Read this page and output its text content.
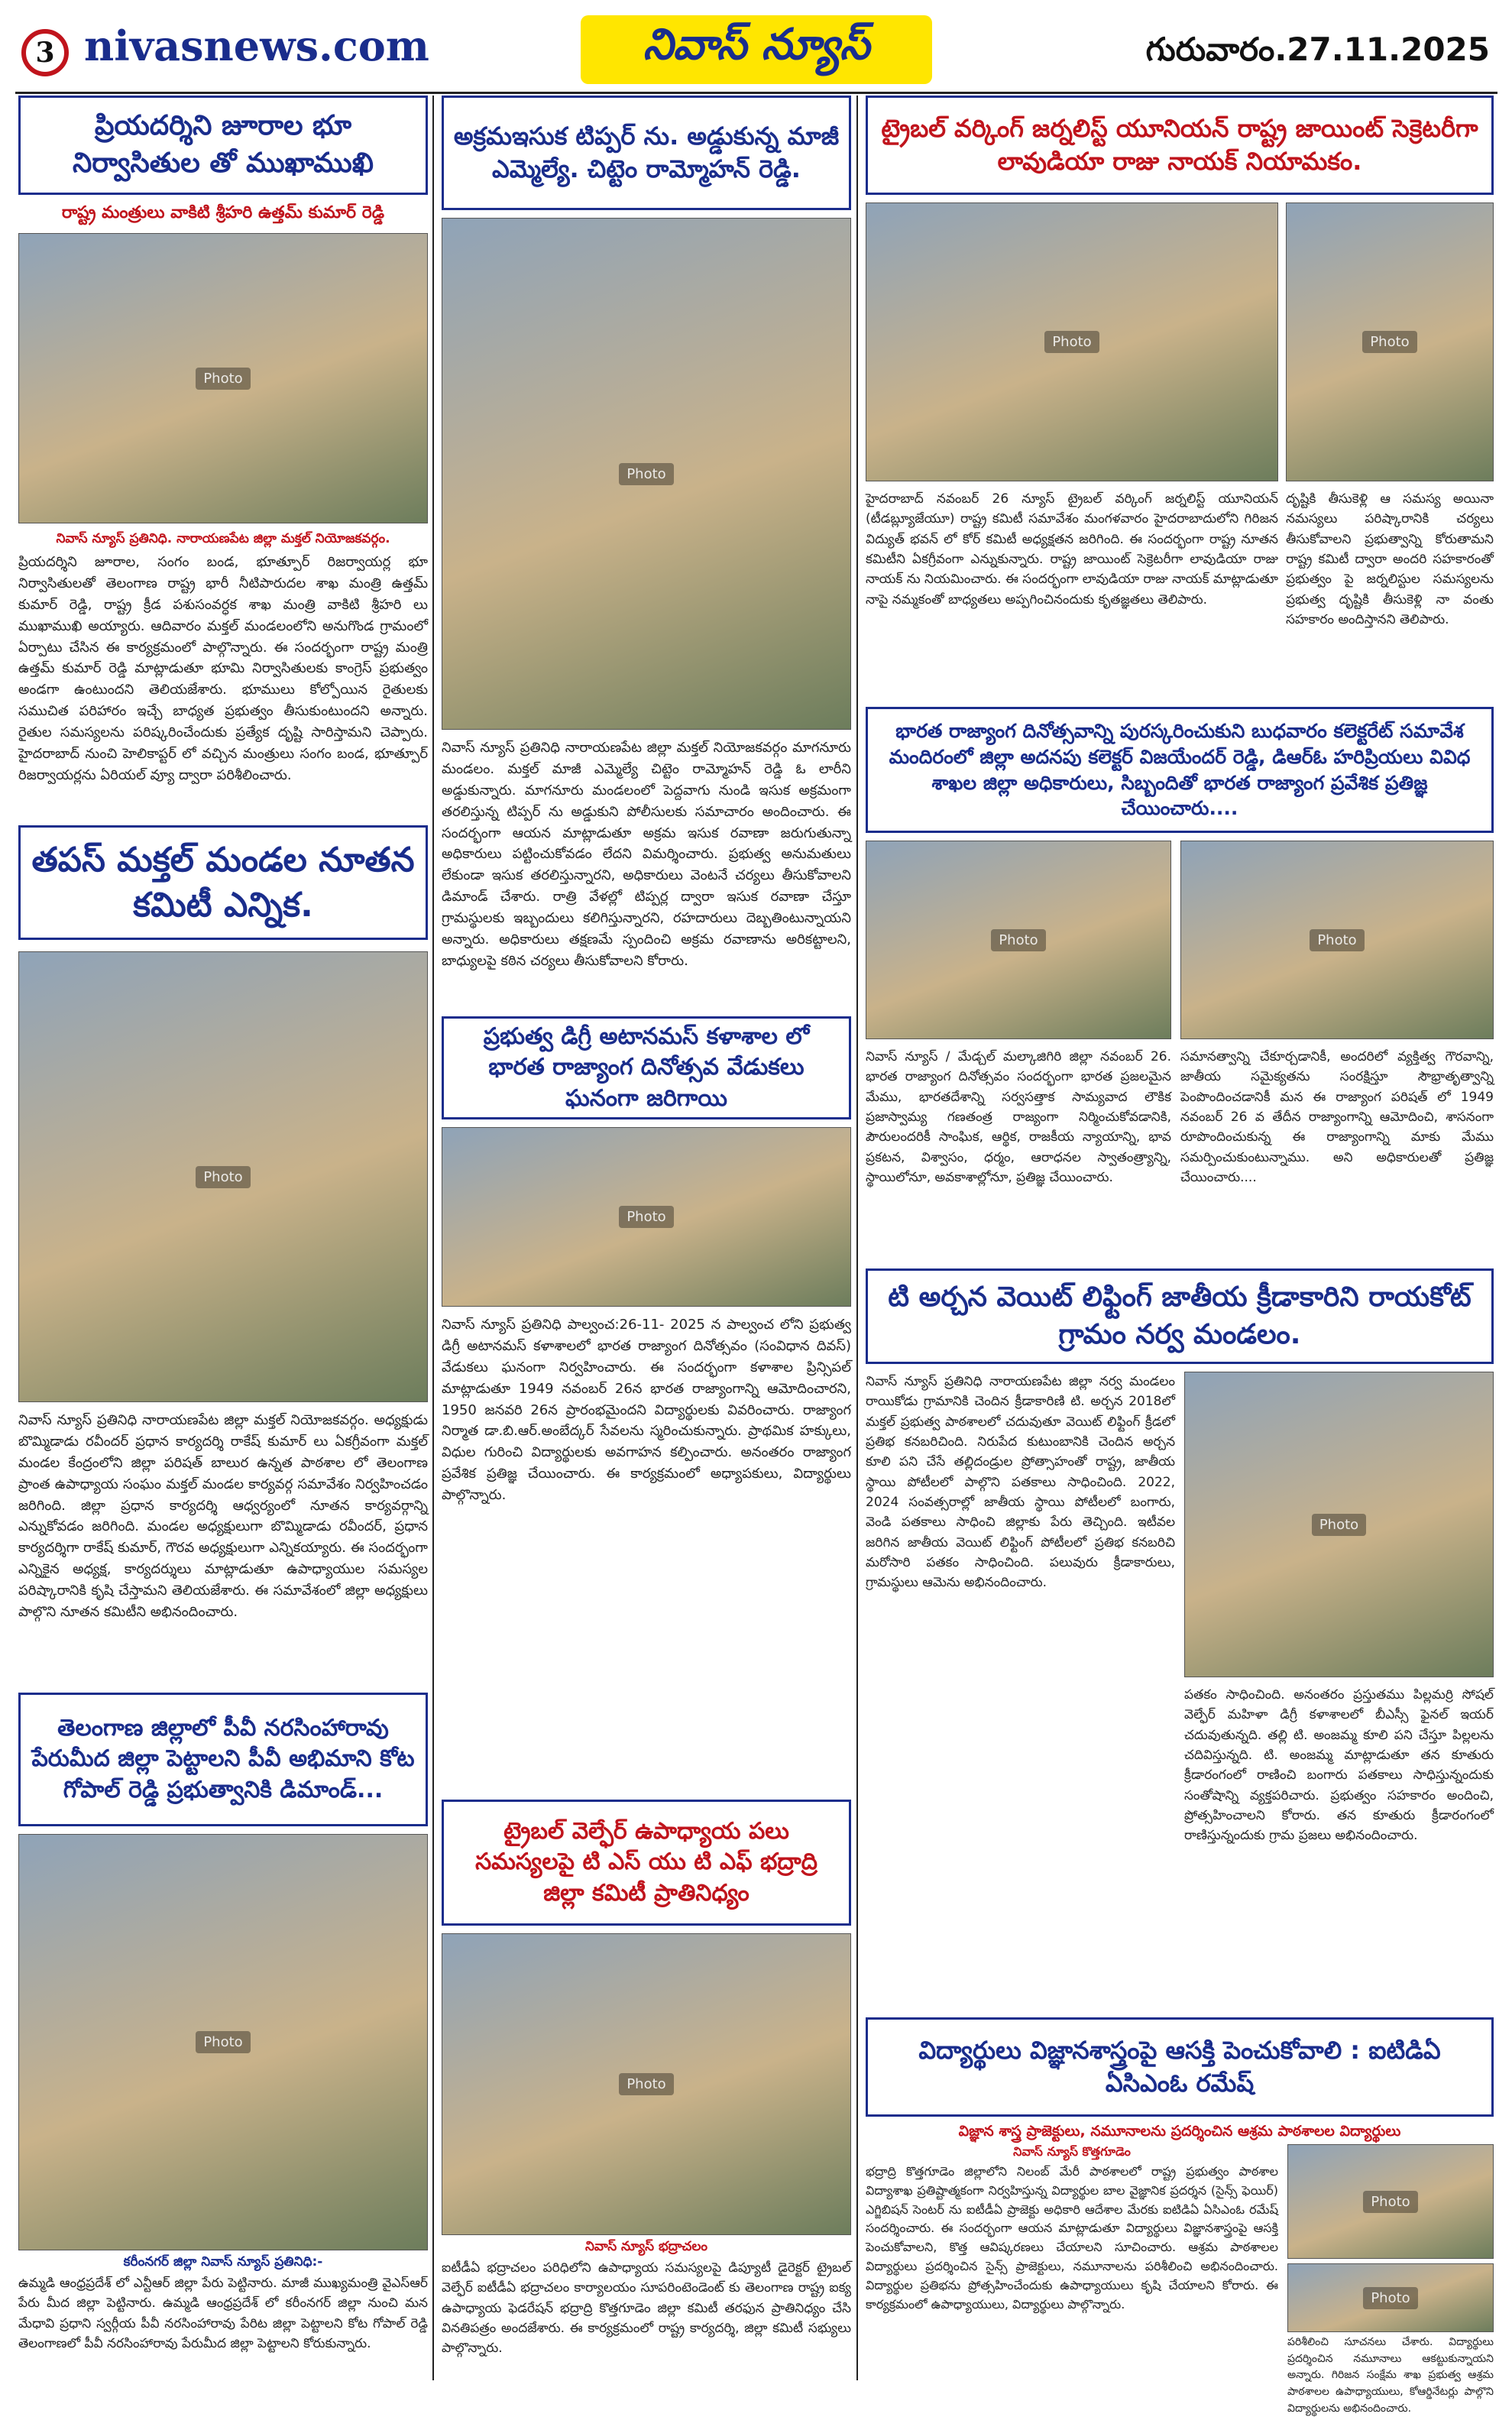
3 nivasnews.com	నివాస్ న్యూస్	గురువారం.27.11.2025
ప్రియదర్శిని జూరాల భూ నిర్వాసితుల తో ముఖాముఖి
రాష్ట్ర మంత్రులు వాకిటి శ్రీహరి ఉత్తమ్ కుమార్ రెడ్డి
Photo
నివాస్ న్యూస్ ప్రతినిధి. నారాయణపేట జిల్లా మక్తల్ నియోజకవర్గం.
ప్రియదర్శిని జూరాల, సంగం బండ, భూత్పూర్ రిజర్వాయర్ల భూ నిర్వాసితులతో తెలంగాణ రాష్ట్ర భారీ నీటిపారుదల శాఖ మంత్రి ఉత్తమ్ కుమార్ రెడ్డి, రాష్ట్ర క్రీడ పశుసంవర్ధక శాఖ మంత్రి వాకిటి శ్రీహరి లు ముఖాముఖి అయ్యారు. ఆదివారం మక్తల్ మండలంలోని అనుగొండ గ్రామంలో ఏర్పాటు చేసిన ఈ కార్యక్రమంలో పాల్గొన్నారు. ఈ సందర్భంగా రాష్ట్ర మంత్రి ఉత్తమ్ కుమార్ రెడ్డి మాట్లాడుతూ భూమి నిర్వాసితులకు కాంగ్రెస్ ప్రభుత్వం అండగా ఉంటుందని తెలియజేశారు. భూములు కోల్పోయిన రైతులకు సముచిత పరిహారం ఇచ్చే బాధ్యత ప్రభుత్వం తీసుకుంటుందని అన్నారు. రైతుల సమస్యలను పరిష్కరించేందుకు ప్రత్యేక దృష్టి సారిస్తామని చెప్పారు. హైదరాబాద్ నుంచి హెలికాప్టర్ లో వచ్చిన మంత్రులు సంగం బండ, భూత్పూర్ రిజర్వాయర్లను ఏరియల్ వ్యూ ద్వారా పరిశీలించారు.
తపస్ మక్తల్ మండల నూతన కమిటీ ఎన్నిక.
Photo
నివాస్ న్యూస్ ప్రతినిధి నారాయణపేట జిల్లా మక్తల్ నియోజకవర్గం. అధ్యక్షుడు బొమ్మిడాడు రవీందర్ ప్రధాన కార్యదర్శి రాకేష్ కుమార్ లు ఏకగ్రీవంగా మక్తల్ మండల కేంద్రంలోని జిల్లా పరిషత్ బాలుర ఉన్నత పాఠశాల లో తెలంగాణ ప్రాంత ఉపాధ్యాయ సంఘం మక్తల్ మండల కార్యవర్గ సమావేశం నిర్వహించడం జరిగింది. జిల్లా ప్రధాన కార్యదర్శి ఆధ్వర్యంలో నూతన కార్యవర్గాన్ని ఎన్నుకోవడం జరిగింది. మండల అధ్యక్షులుగా బొమ్మిడాడు రవీందర్, ప్రధాన కార్యదర్శిగా రాకేష్ కుమార్, గౌరవ అధ్యక్షులుగా ఎన్నికయ్యారు. ఈ సందర్భంగా ఎన్నికైన అధ్యక్ష, కార్యదర్శులు మాట్లాడుతూ ఉపాధ్యాయుల సమస్యల పరిష్కారానికి కృషి చేస్తామని తెలియజేశారు. ఈ సమావేశంలో జిల్లా అధ్యక్షులు పాల్గొని నూతన కమిటీని అభినందించారు.
తెలంగాణ జిల్లాలో పీవీ నరసింహారావు పేరుమీద జిల్లా పెట్టాలని పీవీ అభిమాని కోట గోపాల్ రెడ్డి ప్రభుత్వానికి డిమాండ్...
Photo
కరీంనగర్ జిల్లా నివాస్ న్యూస్ ప్రతినిధి:-
ఉమ్మడి ఆంధ్రప్రదేశ్ లో ఎన్టీఆర్ జిల్లా పేరు పెట్టినారు. మాజీ ముఖ్యమంత్రి వైఎస్ఆర్ పేరు మీద జిల్లా పెట్టినారు. ఉమ్మడి ఆంధ్రప్రదేశ్ లో కరీంనగర్ జిల్లా నుంచి మన మేధావి ప్రధాని స్వర్గీయ పీవీ నరసింహారావు పేరిట జిల్లా పెట్టాలని కోట గోపాల్ రెడ్డి తెలంగాణలో పీవీ నరసింహారావు పేరుమీద జిల్లా పెట్టాలని కోరుకున్నారు.
అక్రమఇసుక టిప్పర్ ను. అడ్డుకున్న మాజీ ఎమ్మెల్యే. చిట్టెం రామ్మోహన్ రెడ్డి.
Photo
నివాస్ న్యూస్ ప్రతినిధి నారాయణపేట జిల్లా మక్తల్ నియోజకవర్గం మాగనూరు మండలం. మక్తల్ మాజీ ఎమ్మెల్యే చిట్టెం రామ్మోహన్ రెడ్డి ఓ లారీని అడ్డుకున్నారు. మాగనూరు మండలంలో పెద్దవాగు నుండి ఇసుక అక్రమంగా తరలిస్తున్న టిప్పర్ ను అడ్డుకుని పోలీసులకు సమాచారం అందించారు. ఈ సందర్భంగా ఆయన మాట్లాడుతూ అక్రమ ఇసుక రవాణా జరుగుతున్నా అధికారులు పట్టించుకోవడం లేదని విమర్శించారు. ప్రభుత్వ అనుమతులు లేకుండా ఇసుక తరలిస్తున్నారని, అధికారులు వెంటనే చర్యలు తీసుకోవాలని డిమాండ్ చేశారు. రాత్రి వేళల్లో టిప్పర్ల ద్వారా ఇసుక రవాణా చేస్తూ గ్రామస్థులకు ఇబ్బందులు కలిగిస్తున్నారని, రహదారులు దెబ్బతింటున్నాయని అన్నారు. అధికారులు తక్షణమే స్పందించి అక్రమ రవాణాను అరికట్టాలని, బాధ్యులపై కఠిన చర్యలు తీసుకోవాలని కోరారు.
ప్రభుత్వ డిగ్రీ అటానమస్ కళాశాల లో భారత రాజ్యాంగ దినోత్సవ వేడుకలు ఘనంగా జరిగాయి
Photo
నివాస్ న్యూస్ ప్రతినిధి పాల్వంచ:26-11- 2025 న పాల్వంచ లోని ప్రభుత్వ డిగ్రీ అటానమస్ కళాశాలలో భారత రాజ్యాంగ దినోత్సవం (సంవిధాన దివస్) వేడుకలు ఘనంగా నిర్వహించారు. ఈ సందర్భంగా కళాశాల ప్రిన్సిపల్ మాట్లాడుతూ 1949 నవంబర్ 26న భారత రాజ్యాంగాన్ని ఆమోదించారని, 1950 జనవరి 26న ప్రారంభమైందని విద్యార్థులకు వివరించారు. రాజ్యాంగ నిర్మాత డా.బి.ఆర్.అంబేద్కర్ సేవలను స్మరించుకున్నారు. ప్రాథమిక హక్కులు, విధుల గురించి విద్యార్థులకు అవగాహన కల్పించారు. అనంతరం రాజ్యాంగ ప్రవేశిక ప్రతిజ్ఞ చేయించారు. ఈ కార్యక్రమంలో అధ్యాపకులు, విద్యార్థులు పాల్గొన్నారు.
ట్రైబల్ వెల్ఫేర్ ఉపాధ్యాయ పలు సమస్యలపై టి ఎస్ యు టి ఎఫ్ భద్రాద్రి జిల్లా కమిటీ ప్రాతినిధ్యం
Photo
నివాస్ న్యూస్ భద్రాచలం
ఐటీడీఏ భద్రాచలం పరిధిలోని ఉపాధ్యాయ సమస్యలపై డిప్యూటీ డైరెక్టర్ ట్రైబల్ వెల్ఫేర్ ఐటీడీఏ భద్రాచలం కార్యాలయం సూపరింటెండెంట్ కు తెలంగాణ రాష్ట్ర ఐక్య ఉపాధ్యాయ ఫెడరేషన్ భద్రాద్రి కొత్తగూడెం జిల్లా కమిటీ తరఫున ప్రాతినిధ్యం చేసి వినతిపత్రం అందజేశారు. ఈ కార్యక్రమంలో రాష్ట్ర కార్యదర్శి, జిల్లా కమిటీ సభ్యులు పాల్గొన్నారు.
ట్రైబల్ వర్కింగ్ జర్నలిస్ట్ యూనియన్ రాష్ట్ర జాయింట్ సెక్రెటరీగా లావుడియా రాజు నాయక్ నియామకం.
Photo	Photo
హైదరాబాద్ నవంబర్ 26 న్యూస్ ట్రైబల్ వర్కింగ్ జర్నలిస్ట్ యూనియన్ (టీడబ్ల్యూజేయూ) రాష్ట్ర కమిటీ సమావేశం మంగళవారం హైదరాబాదులోని గిరిజన విద్యుత్ భవన్ లో కోర్ కమిటీ అధ్యక్షతన జరిగింది. ఈ సందర్భంగా రాష్ట్ర నూతన కమిటీని ఏకగ్రీవంగా ఎన్నుకున్నారు. రాష్ట్ర జాయింట్ సెక్రెటరీగా లావుడియా రాజు నాయక్ ను నియమించారు. ఈ సందర్భంగా లావుడియా రాజు నాయక్ మాట్లాడుతూ నాపై నమ్మకంతో బాధ్యతలు అప్పగించినందుకు కృతజ్ఞతలు తెలిపారు.
దృష్టికి తీసుకెళ్లి ఆ సమస్య అయినా నమస్యలు పరిష్కారానికి చర్యలు తీసుకోవాలని ప్రభుత్వాన్ని కోరుతామని రాష్ట్ర కమిటీ ద్వారా అందరి సహకారంతో ప్రభుత్వం పై జర్నలిస్టుల సమస్యలను ప్రభుత్వ దృష్టికి తీసుకెళ్లి నా వంతు సహకారం అందిస్తానని తెలిపారు.
భారత రాజ్యాంగ దినోత్సవాన్ని పురస్కరించుకుని బుధవారం కలెక్టరేట్ సమావేశ మందిరంలో జిల్లా అదనపు కలెక్టర్ విజయేందర్ రెడ్డి, డిఆర్ఓ హరిప్రియలు వివిధ శాఖల జిల్లా అధికారులు, సిబ్బందితో భారత రాజ్యాంగ ప్రవేశిక ప్రతిజ్ఞ చేయించారు....
Photo	Photo
నివాస్ న్యూస్ / మేడ్చల్ మల్కాజిగిరి జిల్లా నవంబర్ 26. భారత రాజ్యాంగ దినోత్సవం సందర్భంగా భారత ప్రజలమైన మేము, భారతదేశాన్ని సర్వసత్తాక సామ్యవాద లౌకిక ప్రజాస్వామ్య గణతంత్ర రాజ్యంగా నిర్మించుకోవడానికి, పౌరులందరికీ సాంఘిక, ఆర్థిక, రాజకీయ న్యాయాన్ని, భావ ప్రకటన, విశ్వాసం, ధర్మం, ఆరాధనల స్వాతంత్ర్యాన్ని, స్థాయిలోనూ, అవకాశాల్లోనూ, ప్రతిజ్ఞ చేయించారు.
సమానత్వాన్ని చేకూర్చడానికీ, అందరిలో వ్యక్తిత్వ గౌరవాన్ని, జాతీయ సమైక్యతను సంరక్షిస్తూ సౌభ్రాతృత్వాన్ని పెంపొందించడానికీ మన ఈ రాజ్యాంగ పరిషత్ లో 1949 నవంబర్ 26 వ తేదీన రాజ్యాంగాన్ని ఆమోదించి, శాసనంగా రూపొందించుకున్న ఈ రాజ్యాంగాన్ని మాకు మేము సమర్పించుకుంటున్నాము. అని అధికారులతో ప్రతిజ్ఞ చేయించారు....
టి అర్చన వెయిట్ లిఫ్టింగ్ జాతీయ క్రీడాకారిని రాయకోట్ గ్రామం నర్వ మండలం.
నివాస్ న్యూస్ ప్రతినిధి నారాయణపేట జిల్లా నర్వ మండలం రాయికోడు గ్రామానికి చెందిన క్రీడాకారిణి టి. అర్చన 2018లో మక్తల్ ప్రభుత్వ పాఠశాలలో చదువుతూ వెయిట్ లిఫ్టింగ్ క్రీడలో ప్రతిభ కనబరిచింది. నిరుపేద కుటుంబానికి చెందిన అర్చన కూలి పని చేసే తల్లిదండ్రుల ప్రోత్సాహంతో రాష్ట్ర, జాతీయ స్థాయి పోటీలలో పాల్గొని పతకాలు సాధించింది. 2022, 2024 సంవత్సరాల్లో జాతీయ స్థాయి పోటీలలో బంగారు, వెండి పతకాలు సాధించి జిల్లాకు పేరు తెచ్చింది. ఇటీవల జరిగిన జాతీయ వెయిట్ లిఫ్టింగ్ పోటీలలో ప్రతిభ కనబరిచి మరోసారి పతకం సాధించింది. పలువురు క్రీడాకారులు, గ్రామస్థులు ఆమెను అభినందించారు.
Photo
పతకం సాధించింది. అనంతరం ప్రస్తుతము పిల్లమర్రి సోషల్ వెల్ఫేర్ మహిళా డిగ్రీ కళాశాలలో బీఎస్సీ ఫైనల్ ఇయర్ చదువుతున్నది. తల్లి టి. అంజమ్మ కూలి పని చేస్తూ పిల్లలను చదివిస్తున్నది. టి. అంజమ్మ మాట్లాడుతూ తన కూతురు క్రీడారంగంలో రాణించి బంగారు పతకాలు సాధిస్తున్నందుకు సంతోషాన్ని వ్యక్తపరిచారు. ప్రభుత్వం సహకారం అందించి, ప్రోత్సహించాలని కోరారు. తన కూతురు క్రీడారంగంలో రాణిస్తున్నందుకు గ్రామ ప్రజలు అభినందించారు.
విద్యార్థులు విజ్ఞానశాస్త్రంపై ఆసక్తి పెంచుకోవాలి : ఐటిడిఏ ఏసిఎంఓ రమేష్
విజ్ఞాన శాస్త్ర ప్రాజెక్టులు, నమూనాలను ప్రదర్శించిన ఆశ్రమ పాఠశాలల విద్యార్థులు
నివాస్ న్యూస్ కొత్తగూడెం
భద్రాద్రి కొత్తగూడెం జిల్లాలోని నిలంబ్ మేరీ పాఠశాలలో రాష్ట్ర ప్రభుత్వం పాఠశాల విద్యాశాఖ ప్రతిష్టాత్మకంగా నిర్వహిస్తున్న విద్యార్థుల బాల వైజ్ఞానిక ప్రదర్శన (సైన్స్ ఫెయిర్) ఎగ్జిబిషన్ సెంటర్ ను ఐటీడీఏ ప్రాజెక్టు అధికారి ఆదేశాల మేరకు ఐటిడిఏ ఏసిఎంఓ రమేష్ సందర్శించారు. ఈ సందర్భంగా ఆయన మాట్లాడుతూ విద్యార్థులు విజ్ఞానశాస్త్రంపై ఆసక్తి పెంచుకోవాలని, కొత్త ఆవిష్కరణలు చేయాలని సూచించారు. ఆశ్రమ పాఠశాలల విద్యార్థులు ప్రదర్శించిన సైన్స్ ప్రాజెక్టులు, నమూనాలను పరిశీలించి అభినందించారు. విద్యార్థుల ప్రతిభను ప్రోత్సహించేందుకు ఉపాధ్యాయులు కృషి చేయాలని కోరారు. ఈ కార్యక్రమంలో ఉపాధ్యాయులు, విద్యార్థులు పాల్గొన్నారు.
Photo
Photo
పరిశీలించి సూచనలు చేశారు. విద్యార్థులు ప్రదర్శించిన నమూనాలు ఆకట్టుకున్నాయని అన్నారు. గిరిజన సంక్షేమ శాఖ ప్రభుత్వ ఆశ్రమ పాఠశాలల ఉపాధ్యాయులు, కోఆర్డినేటర్లు పాల్గొని విద్యార్థులను అభినందించారు.
